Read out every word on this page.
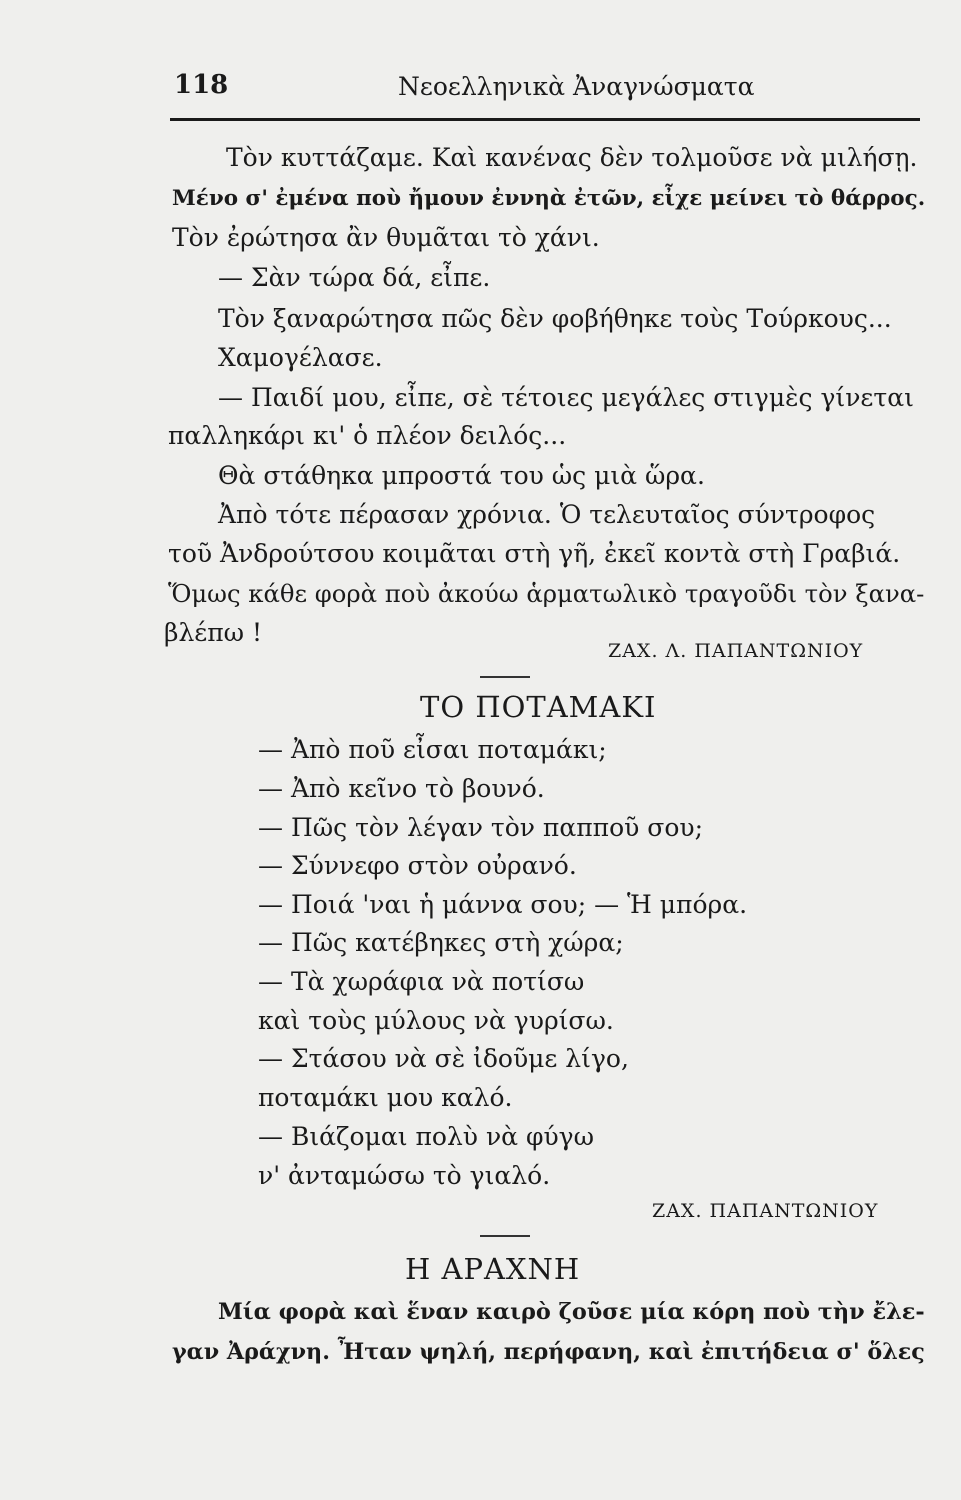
118	Νεοελληνικὰ Ἀναγνώσματα
Τὸν κυττάζαμε. Καὶ κανένας δὲν τολμοῦσε νὰ μιλήσῃ.
Μένο σ' ἐμένα ποὺ ἤμουν ἐννηὰ ἐτῶν, εἶχε μείνει τὸ θάρρος.
Τὸν ἐρώτησα ἂν θυμᾶται τὸ χάνι.
— Σὰν τώρα δά, εἶπε.
Τὸν ξαναρώτησα πῶς δὲν φοβήθηκε τοὺς Τούρκους...
Χαμογέλασε.
— Παιδί μου, εἶπε, σὲ τέτοιες μεγάλες στιγμὲς γίνεται
παλληκάρι κι' ὁ πλέον δειλός...
Θὰ στάθηκα μπροστά του ὡς μιὰ ὥρα.
Ἀπὸ τότε πέρασαν χρόνια. Ὁ τελευταῖος σύντροφος
τοῦ Ἀνδρούτσου κοιμᾶται στὴ γῆ, ἐκεῖ κοντὰ στὴ Γραβιά.
Ὅμως κάθε φορὰ ποὺ ἀκούω ἁρματωλικὸ τραγοῦδι τὸν ξανα-
βλέπω !
ΖΑΧ. Λ. ΠΑΠΑΝΤΩΝΙΟΥ
ΤΟ ΠΟΤΑΜΑΚΙ
— Ἀπὸ ποῦ εἶσαι ποταμάκι;
— Ἀπὸ κεῖνο τὸ βουνό.
— Πῶς τὸν λέγαν τὸν παπποῦ σου;
— Σύννεφο στὸν οὐρανό.
— Ποιά 'ναι ἡ μάννα σου; — Ἡ μπόρα.
— Πῶς κατέβηκες στὴ χώρα;
— Τὰ χωράφια νὰ ποτίσω
καὶ τοὺς μύλους νὰ γυρίσω.
— Στάσου νὰ σὲ ἰδοῦμε λίγο,
ποταμάκι μου καλό.
— Βιάζομαι πολὺ νὰ φύγω
ν' ἀνταμώσω τὸ γιαλό.
ΖΑΧ. ΠΑΠΑΝΤΩΝΙΟΥ
Η ΑΡΑΧΝΗ
Μία φορὰ καὶ ἕναν καιρὸ ζοῦσε μία κόρη ποὺ τὴν ἔλε-
γαν Ἀράχνη. Ἦταν ψηλή, περήφανη, καὶ ἐπιτήδεια σ' ὅλες
